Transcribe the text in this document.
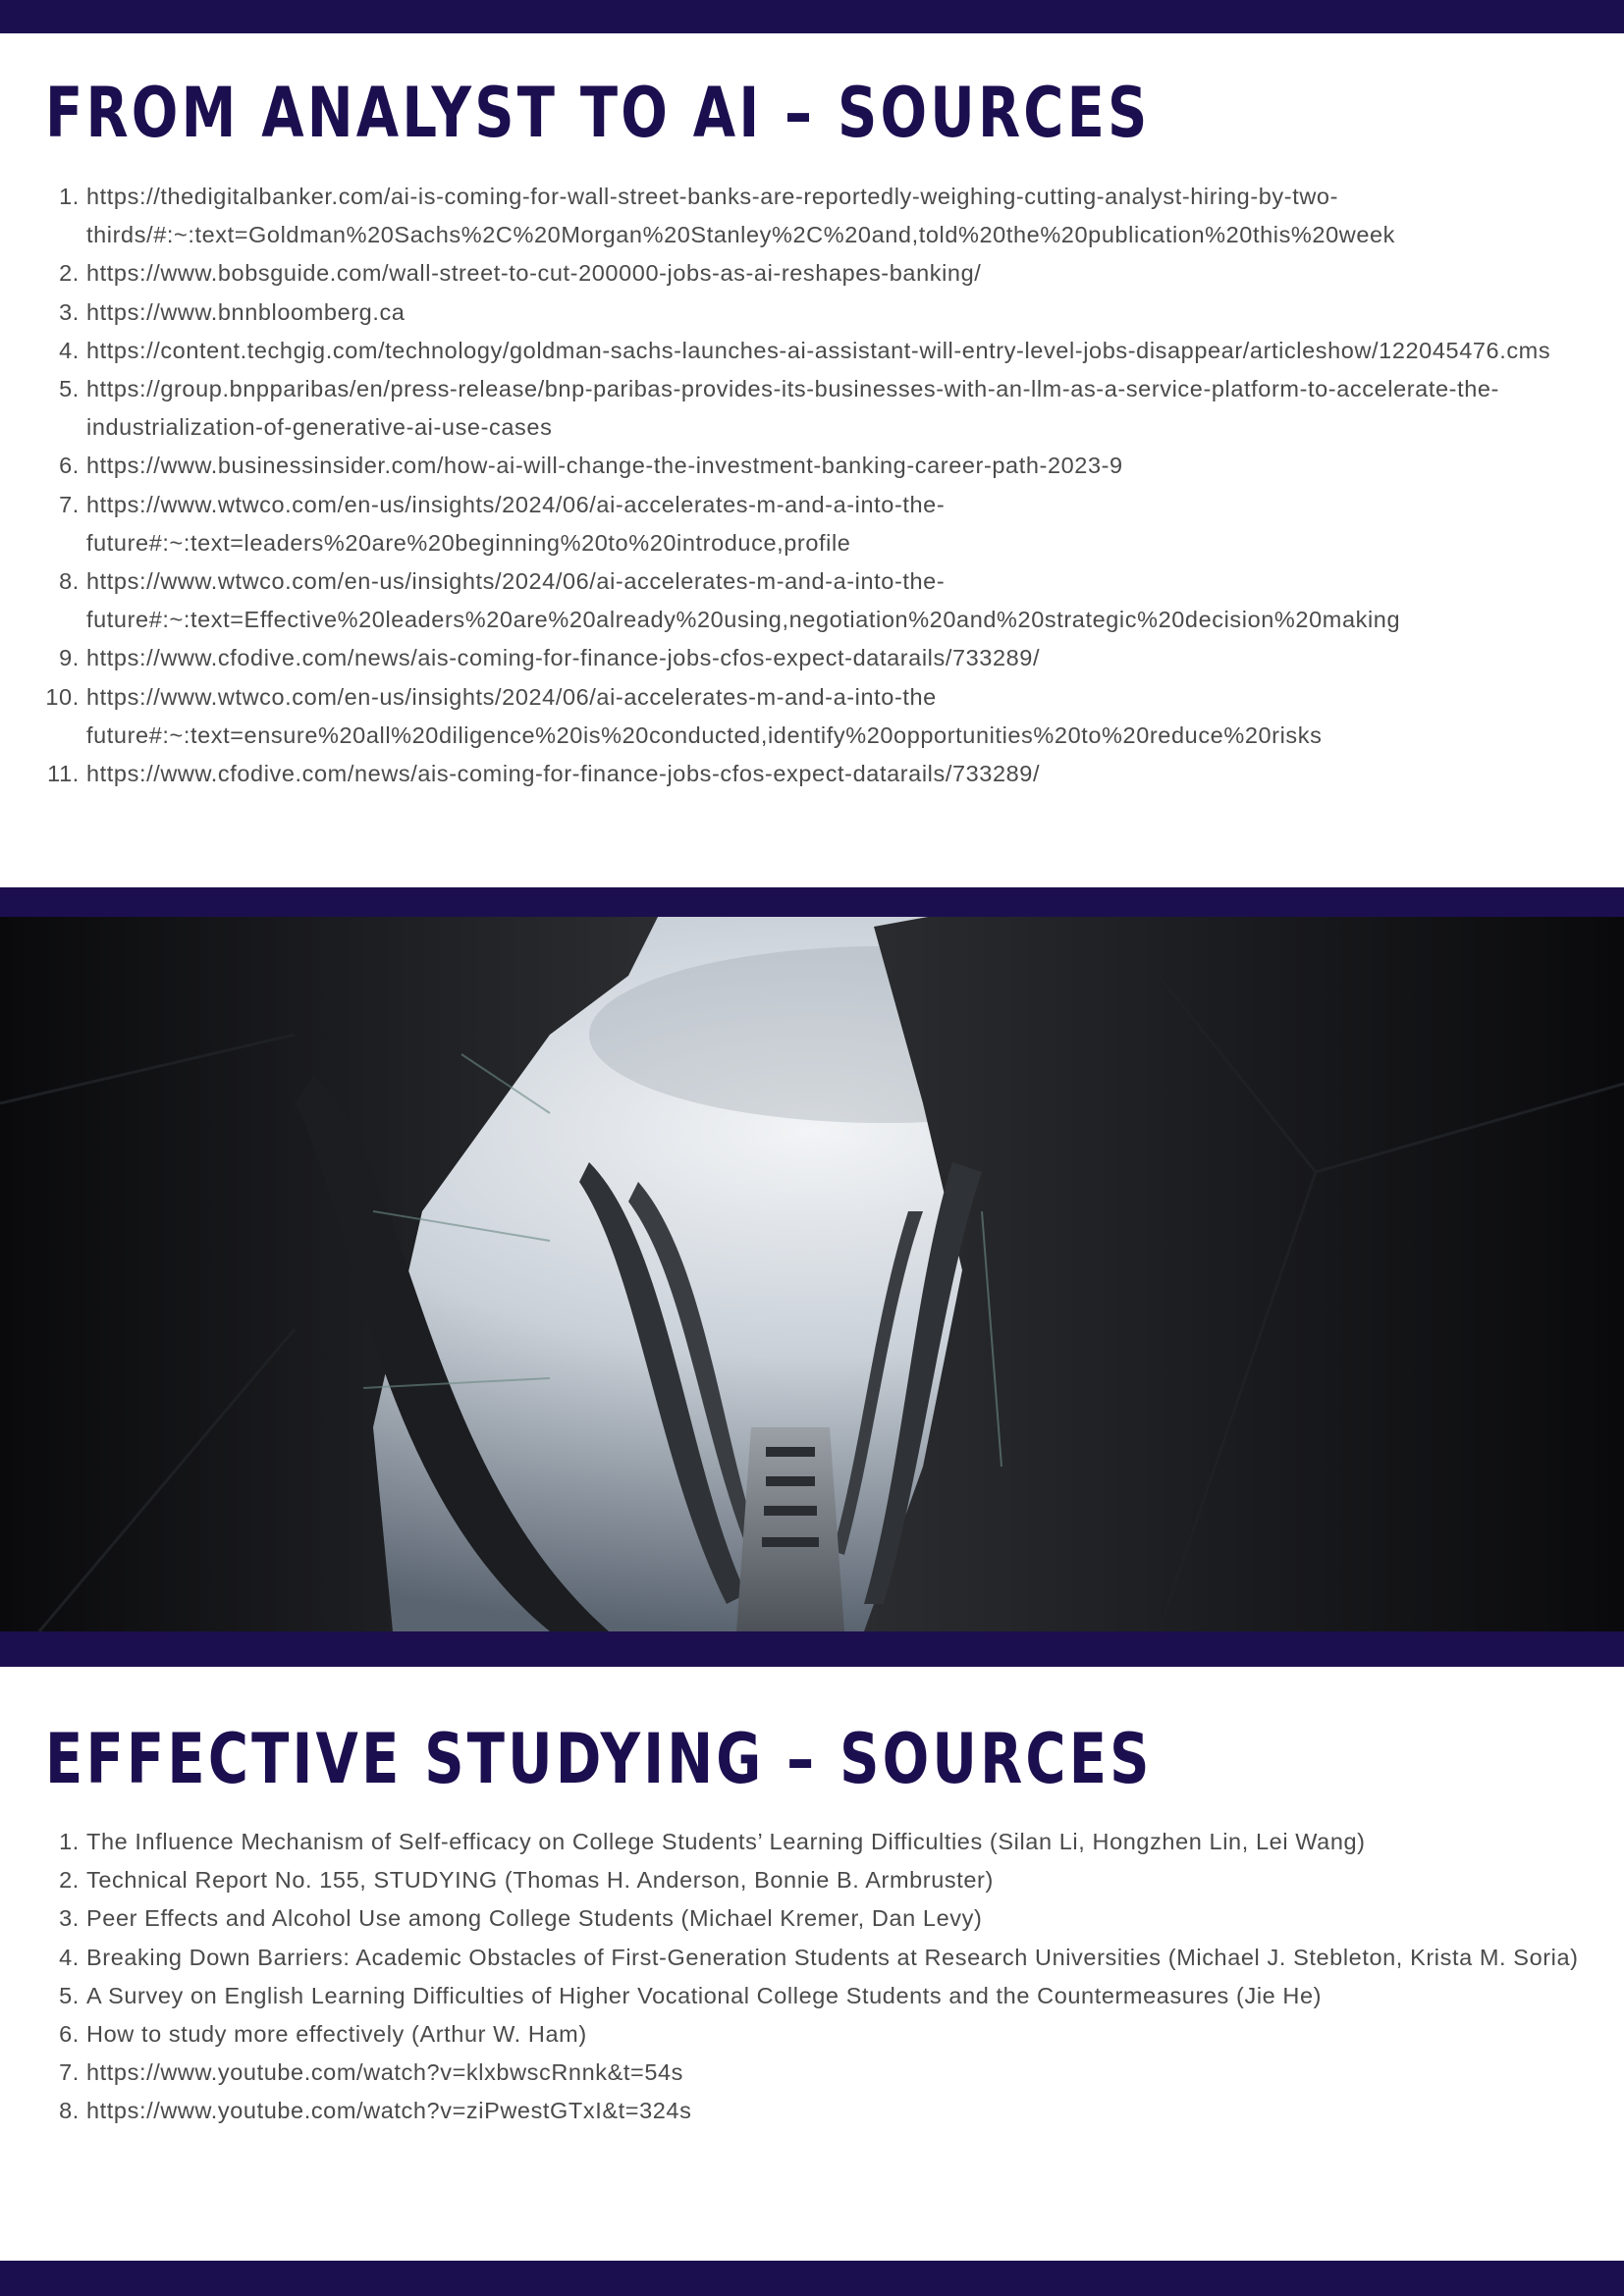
FROM ANALYST TO AI – SOURCES
1. https://thedigitalbanker.com/ai-is-coming-for-wall-street-banks-are-reportedly-weighing-cutting-analyst-hiring-by-two-thirds/#:~:text=Goldman%20Sachs%2C%20Morgan%20Stanley%2C%20and,told%20the%20publication%20this%20week
2. https://www.bobsguide.com/wall-street-to-cut-200000-jobs-as-ai-reshapes-banking/
3. https://www.bnnbloomberg.ca
4. https://content.techgig.com/technology/goldman-sachs-launches-ai-assistant-will-entry-level-jobs-disappear/articleshow/122045476.cms
5. https://group.bnpparibas/en/press-release/bnp-paribas-provides-its-businesses-with-an-llm-as-a-service-platform-to-accelerate-the-industrialization-of-generative-ai-use-cases
6. https://www.businessinsider.com/how-ai-will-change-the-investment-banking-career-path-2023-9
7. https://www.wtwco.com/en-us/insights/2024/06/ai-accelerates-m-and-a-into-the-future#:~:text=leaders%20are%20beginning%20to%20introduce,profile
8. https://www.wtwco.com/en-us/insights/2024/06/ai-accelerates-m-and-a-into-the-future#:~:text=Effective%20leaders%20are%20already%20using,negotiation%20and%20strategic%20decision%20making
9. https://www.cfodive.com/news/ais-coming-for-finance-jobs-cfos-expect-datarails/733289/
10. https://www.wtwco.com/en-us/insights/2024/06/ai-accelerates-m-and-a-into-the future#:~:text=ensure%20all%20diligence%20is%20conducted,identify%20opportunities%20to%20reduce%20risks
11. https://www.cfodive.com/news/ais-coming-for-finance-jobs-cfos-expect-datarails/733289/
EFFECTIVE STUDYING – SOURCES
1. The Influence Mechanism of Self-efficacy on College Students’ Learning Difficulties (Silan Li, Hongzhen Lin, Lei Wang)
2. Technical Report No. 155, STUDYING (Thomas H. Anderson, Bonnie B. Armbruster)
3. Peer Effects and Alcohol Use among College Students (Michael Kremer, Dan Levy)
4. Breaking Down Barriers: Academic Obstacles of First-Generation Students at Research Universities (Michael J. Stebleton, Krista M. Soria)
5. A Survey on English Learning Difficulties of Higher Vocational College Students and the Countermeasures (Jie He)
6. How to study more effectively (Arthur W. Ham)
7. https://www.youtube.com/watch?v=klxbwscRnnk&t=54s
8. https://www.youtube.com/watch?v=ziPwestGTxI&t=324s
